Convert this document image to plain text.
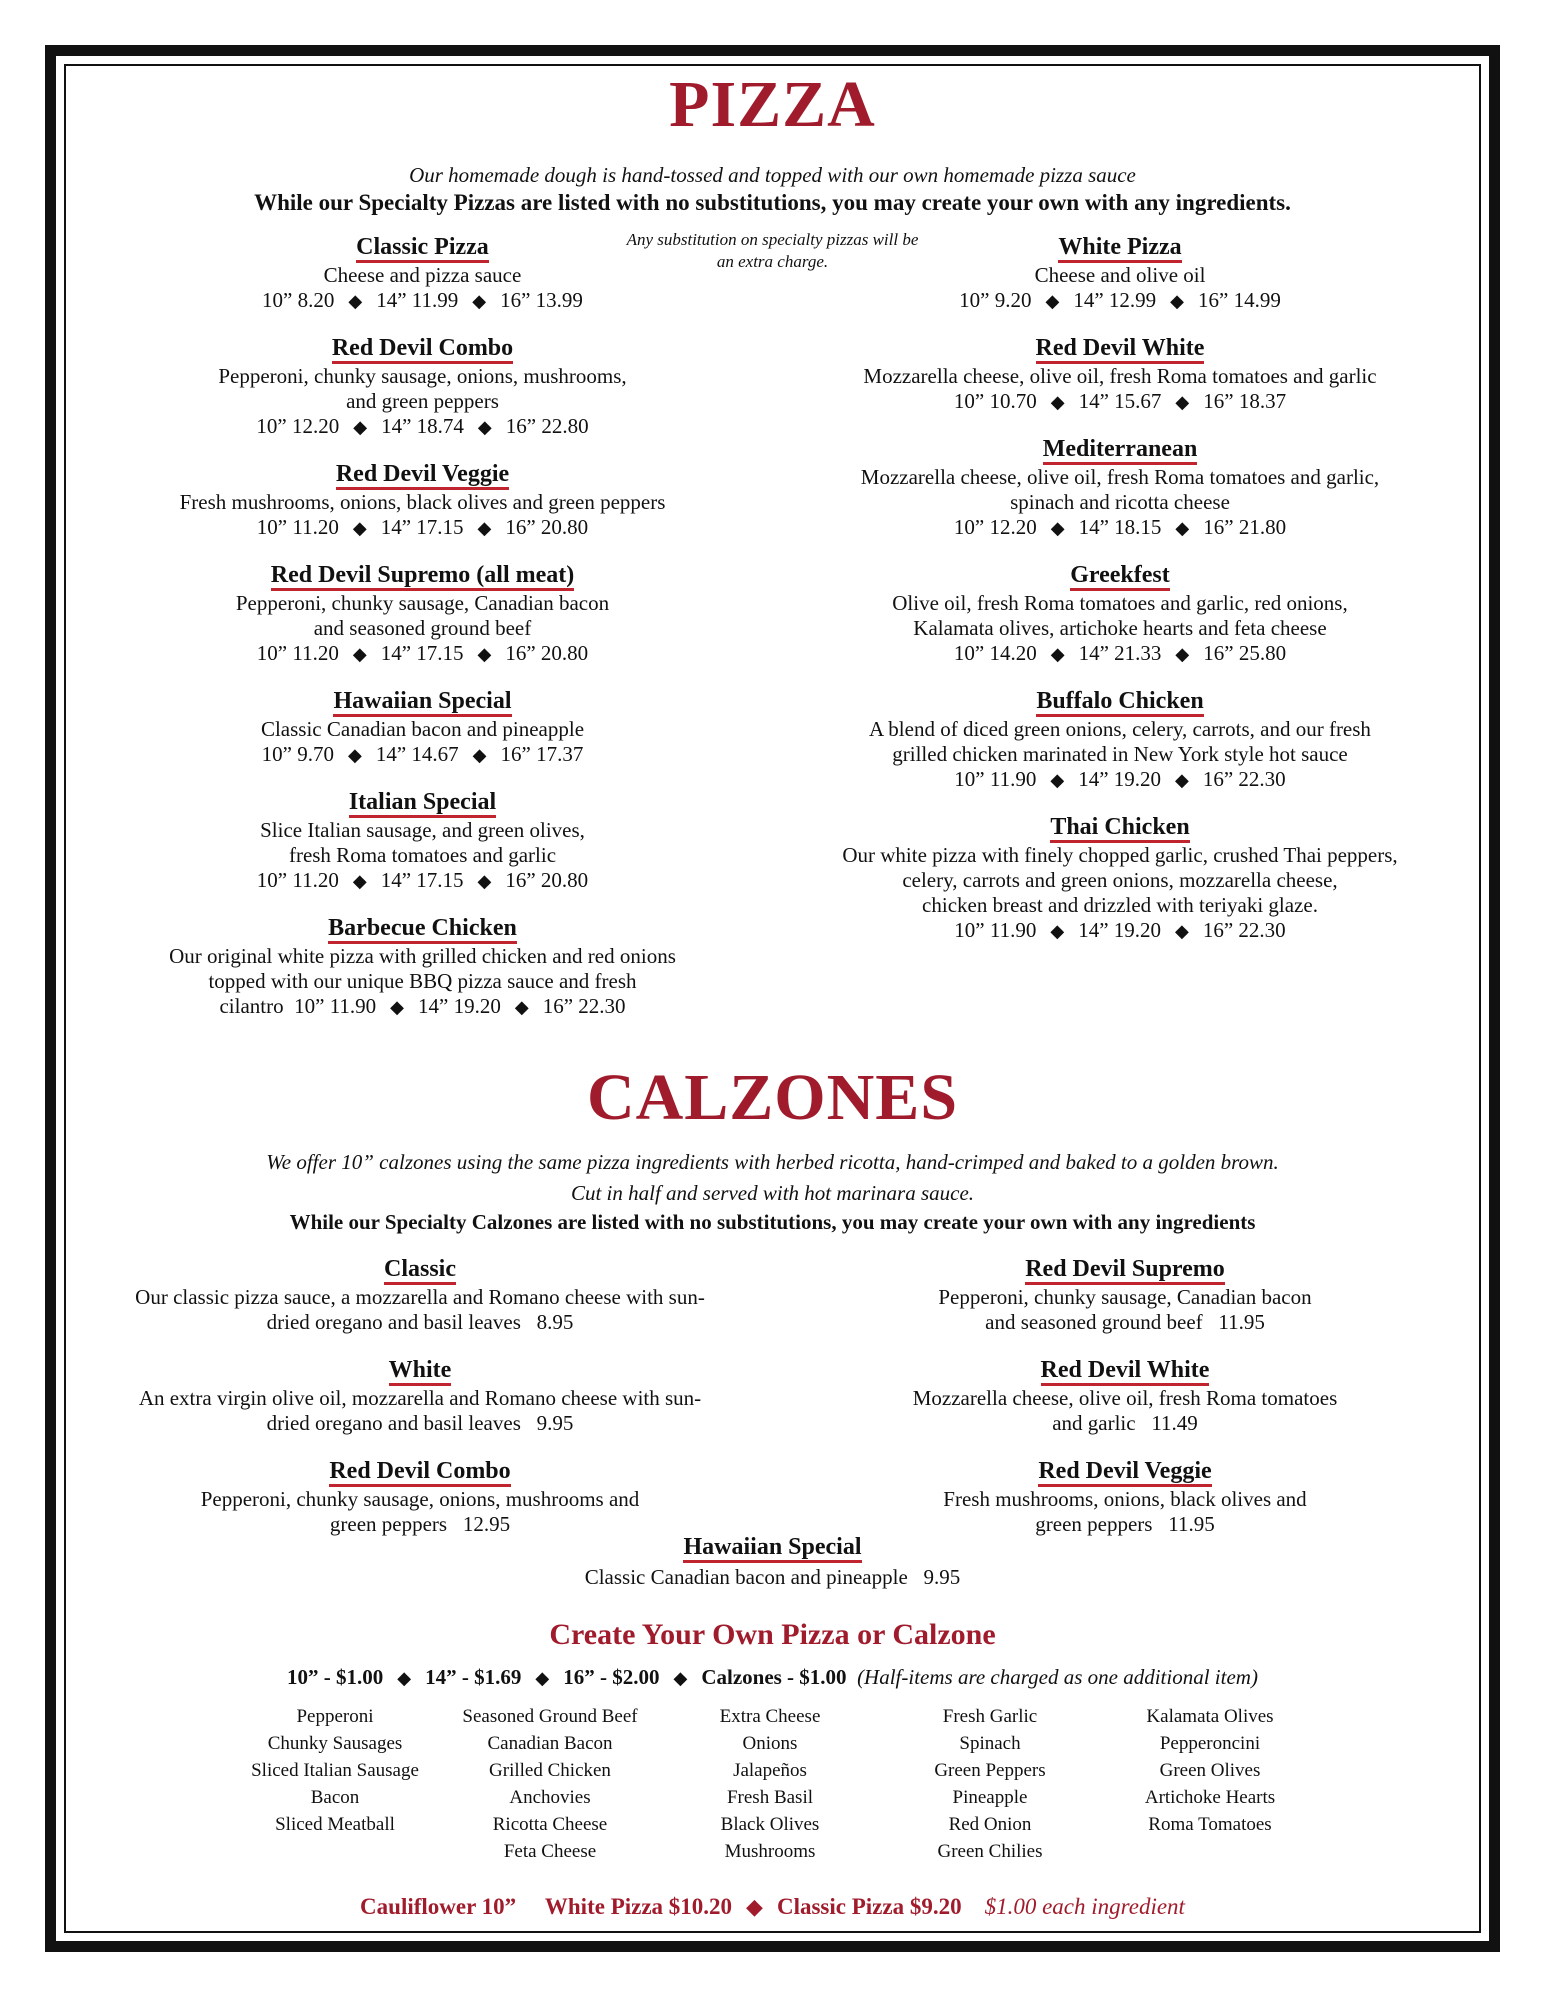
PIZZA
Our homemade dough is hand-tossed and topped with our own homemade pizza sauce
While our Specialty Pizzas are listed with no substitutions, you may create your own with any ingredients.
Any substitution on specialty pizzas will be
an extra charge.
Classic Pizza
Cheese and pizza sauce
10” 8.20 ◆ 14” 11.99 ◆ 16” 13.99
Red Devil Combo
Pepperoni, chunky sausage, onions, mushrooms,
and green peppers
10” 12.20 ◆ 14” 18.74 ◆ 16” 22.80
Red Devil Veggie
Fresh mushrooms, onions, black olives and green peppers
10” 11.20 ◆ 14” 17.15 ◆ 16” 20.80
Red Devil Supremo (all meat)
Pepperoni, chunky sausage, Canadian bacon
and seasoned ground beef
10” 11.20 ◆ 14” 17.15 ◆ 16” 20.80
Hawaiian Special
Classic Canadian bacon and pineapple
10” 9.70 ◆ 14” 14.67 ◆ 16” 17.37
Italian Special
Slice Italian sausage, and green olives,
fresh Roma tomatoes and garlic
10” 11.20 ◆ 14” 17.15 ◆ 16” 20.80
Barbecue Chicken
Our original white pizza with grilled chicken and red onions
topped with our unique BBQ pizza sauce and fresh
cilantro 10” 11.90 ◆ 14” 19.20 ◆ 16” 22.30
White Pizza
Cheese and olive oil
10” 9.20 ◆ 14” 12.99 ◆ 16” 14.99
Red Devil White
Mozzarella cheese, olive oil, fresh Roma tomatoes and garlic
10” 10.70 ◆ 14” 15.67 ◆ 16” 18.37
Mediterranean
Mozzarella cheese, olive oil, fresh Roma tomatoes and garlic,
spinach and ricotta cheese
10” 12.20 ◆ 14” 18.15 ◆ 16” 21.80
Greekfest
Olive oil, fresh Roma tomatoes and garlic, red onions,
Kalamata olives, artichoke hearts and feta cheese
10” 14.20 ◆ 14” 21.33 ◆ 16” 25.80
Buffalo Chicken
A blend of diced green onions, celery, carrots, and our fresh
grilled chicken marinated in New York style hot sauce
10” 11.90 ◆ 14” 19.20 ◆ 16” 22.30
Thai Chicken
Our white pizza with finely chopped garlic, crushed Thai peppers,
celery, carrots and green onions, mozzarella cheese,
chicken breast and drizzled with teriyaki glaze.
10” 11.90 ◆ 14” 19.20 ◆ 16” 22.30
CALZONES
We offer 10” calzones using the same pizza ingredients with herbed ricotta, hand-crimped and baked to a golden brown.
Cut in half and served with hot marinara sauce.
While our Specialty Calzones are listed with no substitutions, you may create your own with any ingredients
Classic
Our classic pizza sauce, a mozzarella and Romano cheese with sun-
dried oregano and basil leaves 8.95
White
An extra virgin olive oil, mozzarella and Romano cheese with sun-
dried oregano and basil leaves 9.95
Red Devil Combo
Pepperoni, chunky sausage, onions, mushrooms and
green peppers 12.95
Red Devil Supremo
Pepperoni, chunky sausage, Canadian bacon
and seasoned ground beef 11.95
Red Devil White
Mozzarella cheese, olive oil, fresh Roma tomatoes
and garlic 11.49
Red Devil Veggie
Fresh mushrooms, onions, black olives and
green peppers 11.95
Hawaiian Special
Classic Canadian bacon and pineapple 9.95
Create Your Own Pizza or Calzone
10” - $1.00 ◆ 14” - $1.69 ◆ 16” - $2.00 ◆ Calzones - $1.00 (Half-items are charged as one additional item)
Pepperoni
Chunky Sausages
Sliced Italian Sausage
Bacon
Sliced Meatball
Seasoned Ground Beef
Canadian Bacon
Grilled Chicken
Anchovies
Ricotta Cheese
Feta Cheese
Extra Cheese
Onions
Jalapeños
Fresh Basil
Black Olives
Mushrooms
Fresh Garlic
Spinach
Green Peppers
Pineapple
Red Onion
Green Chilies
Kalamata Olives
Pepperoncini
Green Olives
Artichoke Hearts
Roma Tomatoes
Cauliflower 10” White Pizza $10.20 ◆ Classic Pizza $9.20 $1.00 each ingredient
